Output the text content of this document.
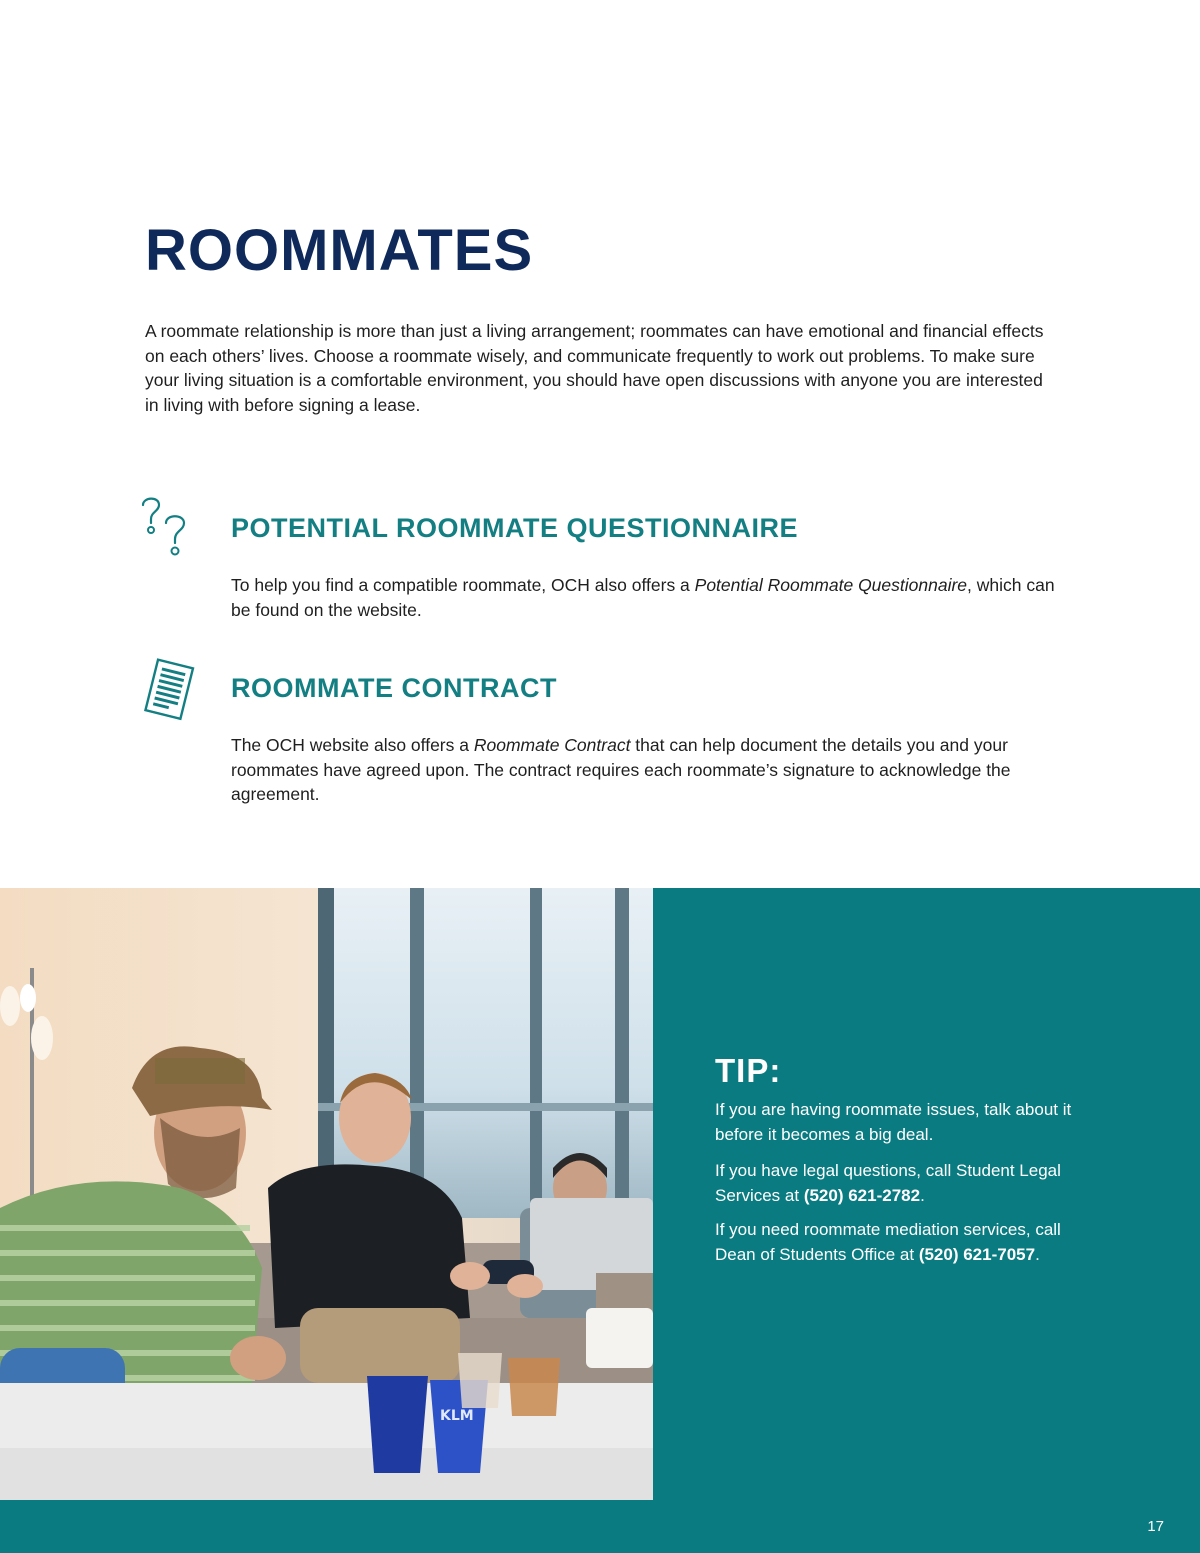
ROOMMATES

A roommate relationship is more than just a living arrangement; roommates can have emotional and financial effects on each others’ lives. Choose a roommate wisely, and communicate frequently to work out problems. To make sure your living situation is a comfortable environment, you should have open discussions with anyone you are interested in living with before signing a lease.

POTENTIAL ROOMMATE QUESTIONNAIRE

To help you find a compatible roommate, OCH also offers a Potential Roommate Questionnaire, which can be found on the website.

ROOMMATE CONTRACT

The OCH website also offers a Roommate Contract that can help document the details you and your roommates have agreed upon. The contract requires each roommate’s signature to acknowledge the agreement.

KLM
TIP:

If you are having roommate issues, talk about it before it becomes a big deal.

If you have legal questions, call Student Legal Services at (520) 621-2782.

If you need roommate mediation services, call Dean of Students Office at (520) 621-7057.

17
